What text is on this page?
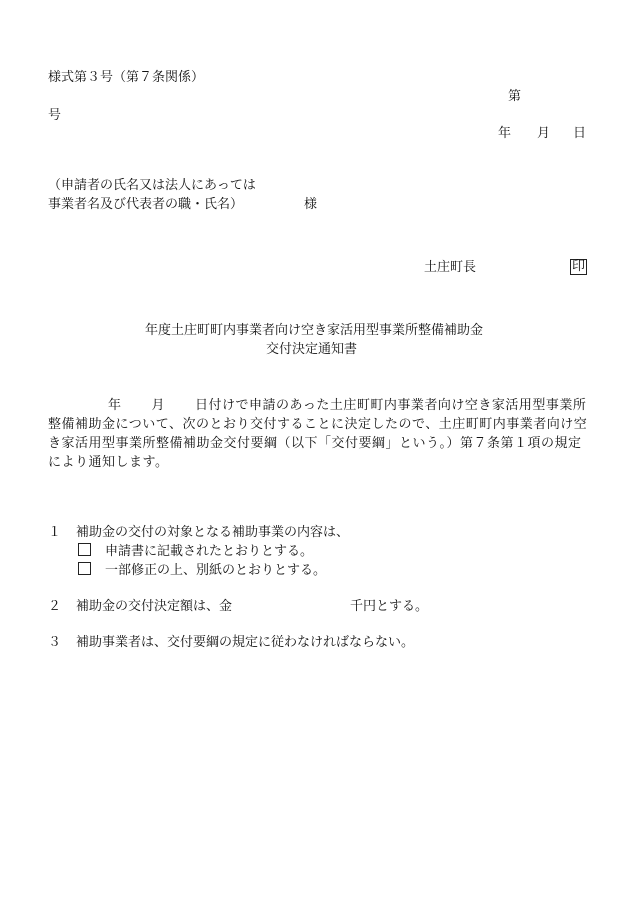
様式第３号（第７条関係）
第
号
年 月 日
（申請者の氏名又は法人にあっては
事業者名及び代表者の職・氏名）	様
土庄町長	印
年度土庄町町内事業者向け空き家活用型事業所整備補助金
交付決定通知書
年 月 日付けで申請のあった土庄町町内事業者向け空き家活用型事業所整備補助金について、次のとおり交付することに決定したので、土庄町町内事業者向け空き家活用型事業所整備補助金交付要綱（以下「交付要綱」という。）第７条第１項の規定により通知します。
１ 補助金の交付の対象となる補助事業の内容は、
申請書に記載されたとおりとする。
一部修正の上、別紙のとおりとする。
２ 補助金の交付決定額は、金	千円とする。
３ 補助事業者は、交付要綱の規定に従わなければならない。
